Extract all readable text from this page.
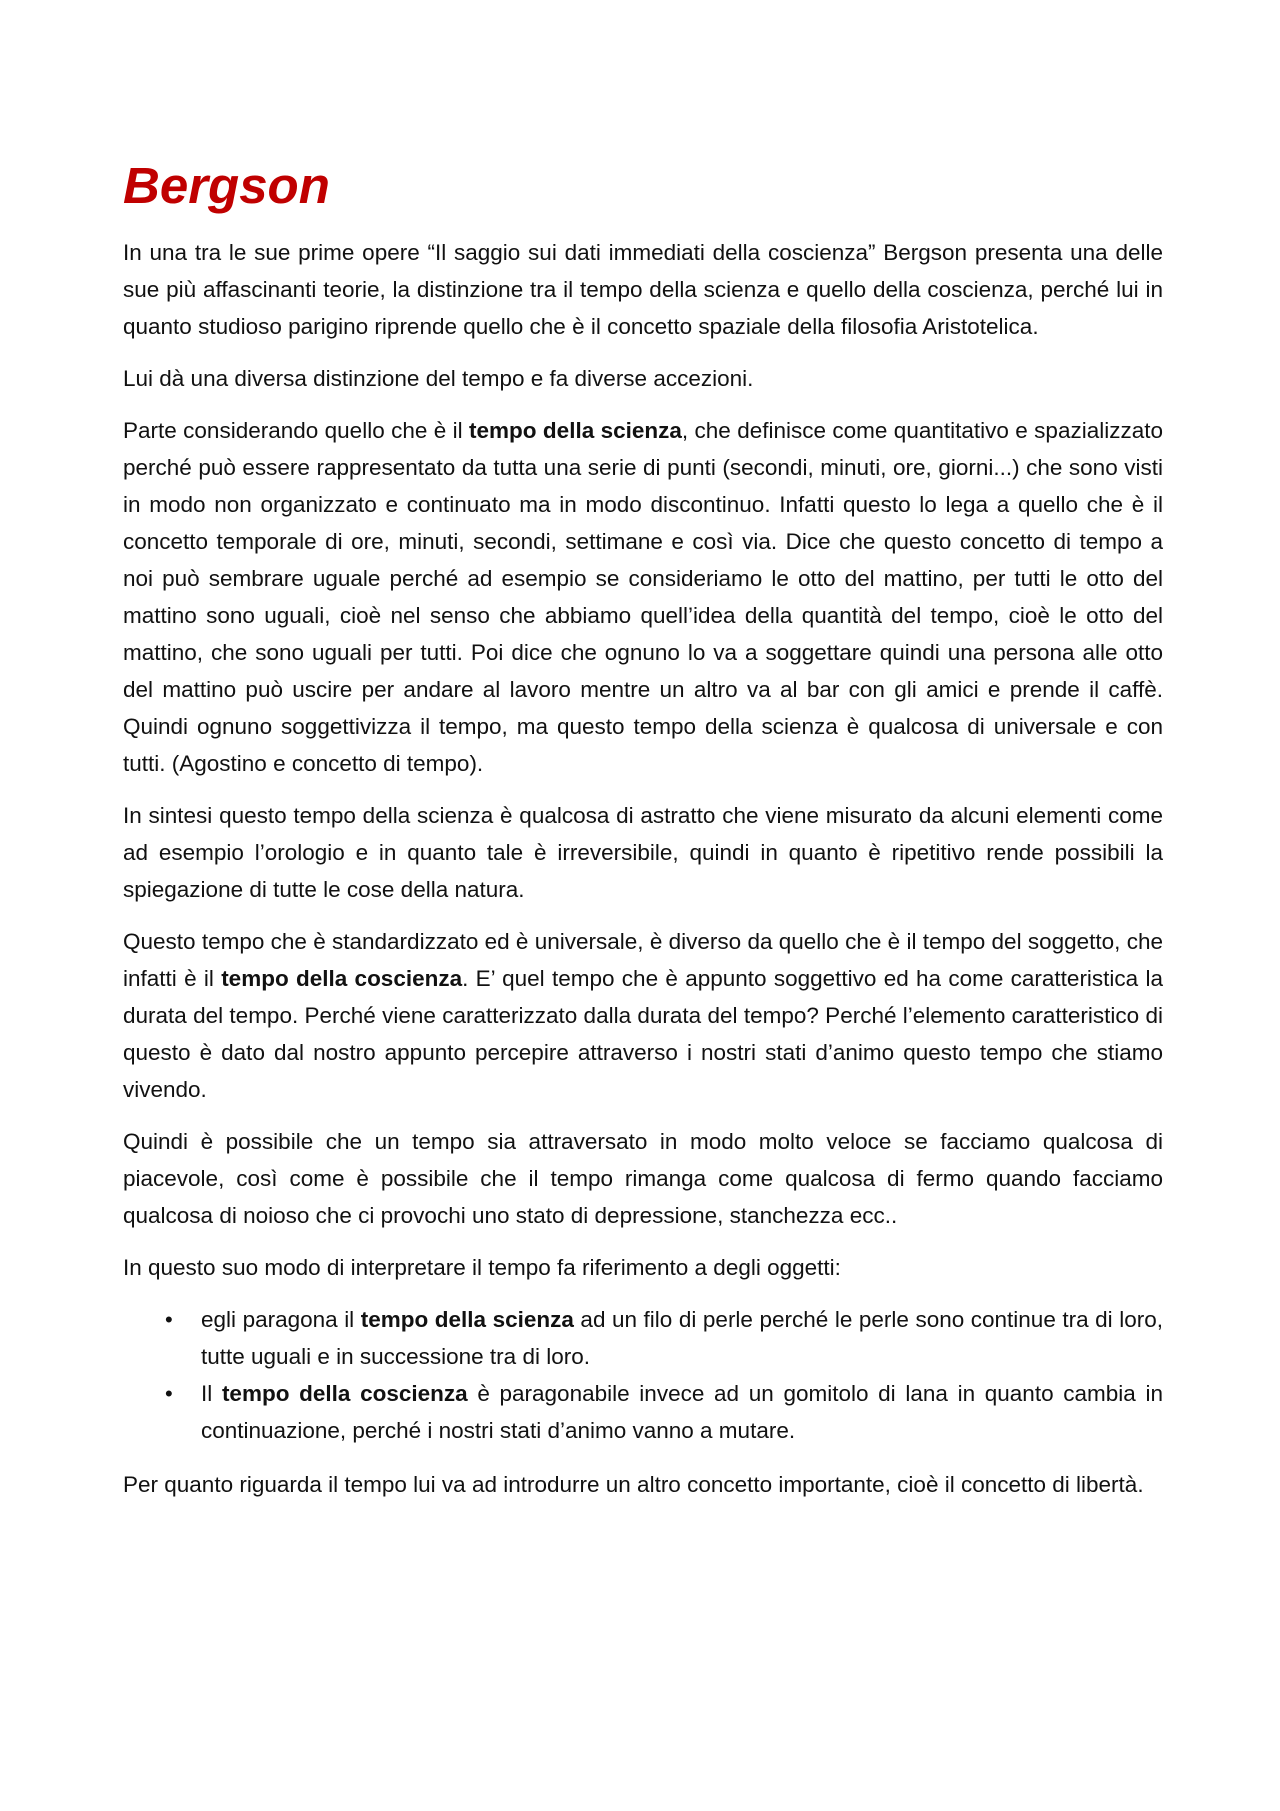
Bergson

In una tra le sue prime opere “Il saggio sui dati immediati della coscienza” Bergson presenta una delle sue più affascinanti teorie, la distinzione tra il tempo della scienza e quello della coscienza, perché lui in quanto studioso parigino riprende quello che è il concetto spaziale della filosofia Aristotelica.

Lui dà una diversa distinzione del tempo e fa diverse accezioni.

Parte considerando quello che è il tempo della scienza, che definisce come quantitativo e spazializzato perché può essere rappresentato da tutta una serie di punti (secondi, minuti, ore, giorni...) che sono visti in modo non organizzato e continuato ma in modo discontinuo. Infatti questo lo lega a quello che è il concetto temporale di ore, minuti, secondi, settimane e così via. Dice che questo concetto di tempo a noi può sembrare uguale perché ad esempio se consideriamo le otto del mattino, per tutti le otto del mattino sono uguali, cioè nel senso che abbiamo quell’idea della quantità del tempo, cioè le otto del mattino, che sono uguali per tutti. Poi dice che ognuno lo va a soggettare quindi una persona alle otto del mattino può uscire per andare al lavoro mentre un altro va al bar con gli amici e prende il caffè. Quindi ognuno soggettivizza il tempo, ma questo tempo della scienza è qualcosa di universale e con tutti. (Agostino e concetto di tempo).

In sintesi questo tempo della scienza è qualcosa di astratto che viene misurato da alcuni elementi come ad esempio l’orologio e in quanto tale è irreversibile, quindi in quanto è ripetitivo rende possibili la spiegazione di tutte le cose della natura.

Questo tempo che è standardizzato ed è universale, è diverso da quello che è il tempo del soggetto, che infatti è il tempo della coscienza. E’ quel tempo che è appunto soggettivo ed ha come caratteristica la durata del tempo. Perché viene caratterizzato dalla durata del tempo? Perché l’elemento caratteristico di questo è dato dal nostro appunto percepire attraverso i nostri stati d’animo questo tempo che stiamo vivendo.

Quindi è possibile che un tempo sia attraversato in modo molto veloce se facciamo qualcosa di piacevole, così come è possibile che il tempo rimanga come qualcosa di fermo quando facciamo qualcosa di noioso che ci provochi uno stato di depressione, stanchezza ecc..

In questo suo modo di interpretare il tempo fa riferimento a degli oggetti:

• egli paragona il tempo della scienza ad un filo di perle perché le perle sono continue tra di loro, tutte uguali e in successione tra di loro.
• Il tempo della coscienza è paragonabile invece ad un gomitolo di lana in quanto cambia in continuazione, perché i nostri stati d’animo vanno a mutare.

Per quanto riguarda il tempo lui va ad introdurre un altro concetto importante, cioè il concetto di libertà.
